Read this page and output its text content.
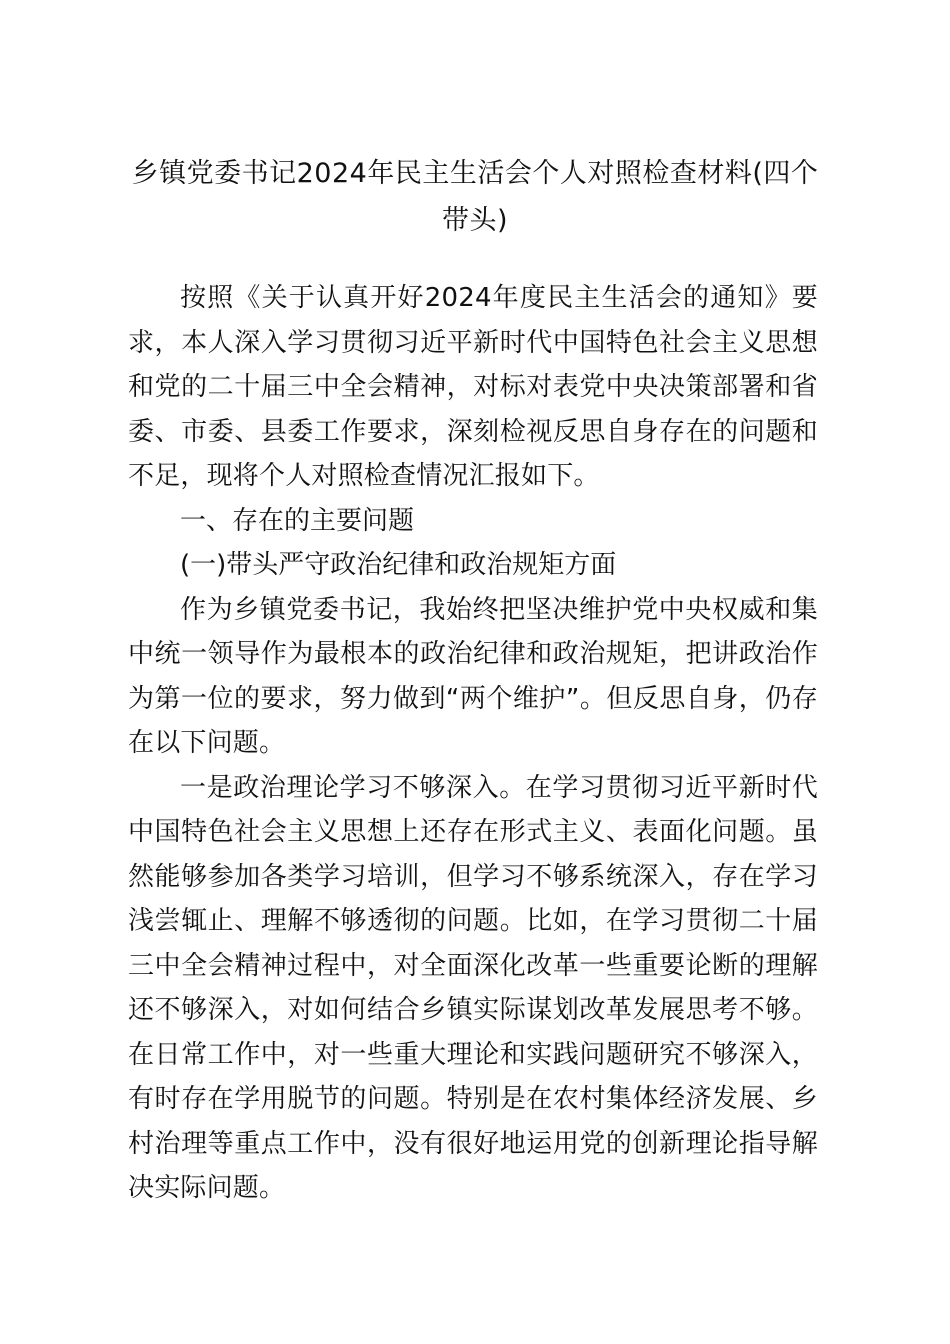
乡镇党委书记2024年民主生活会个人对照检查材料(四个带头)

按照《关于认真开好2024年度民主生活会的通知》要求，本人深入学习贯彻习近平新时代中国特色社会主义思想和党的二十届三中全会精神，对标对表党中央决策部署和省委、市委、县委工作要求，深刻检视反思自身存在的问题和不足，现将个人对照检查情况汇报如下。

一、存在的主要问题

(一)带头严守政治纪律和政治规矩方面

作为乡镇党委书记，我始终把坚决维护党中央权威和集中统一领导作为最根本的政治纪律和政治规矩，把讲政治作为第一位的要求，努力做到“两个维护”。但反思自身，仍存在以下问题。

一是政治理论学习不够深入。在学习贯彻习近平新时代中国特色社会主义思想上还存在形式主义、表面化问题。虽然能够参加各类学习培训，但学习不够系统深入，存在学习浅尝辄止、理解不够透彻的问题。比如，在学习贯彻二十届三中全会精神过程中，对全面深化改革一些重要论断的理解还不够深入，对如何结合乡镇实际谋划改革发展思考不够。在日常工作中，对一些重大理论和实践问题研究不够深入，有时存在学用脱节的问题。特别是在农村集体经济发展、乡村治理等重点工作中，没有很好地运用党的创新理论指导解决实际问题。
